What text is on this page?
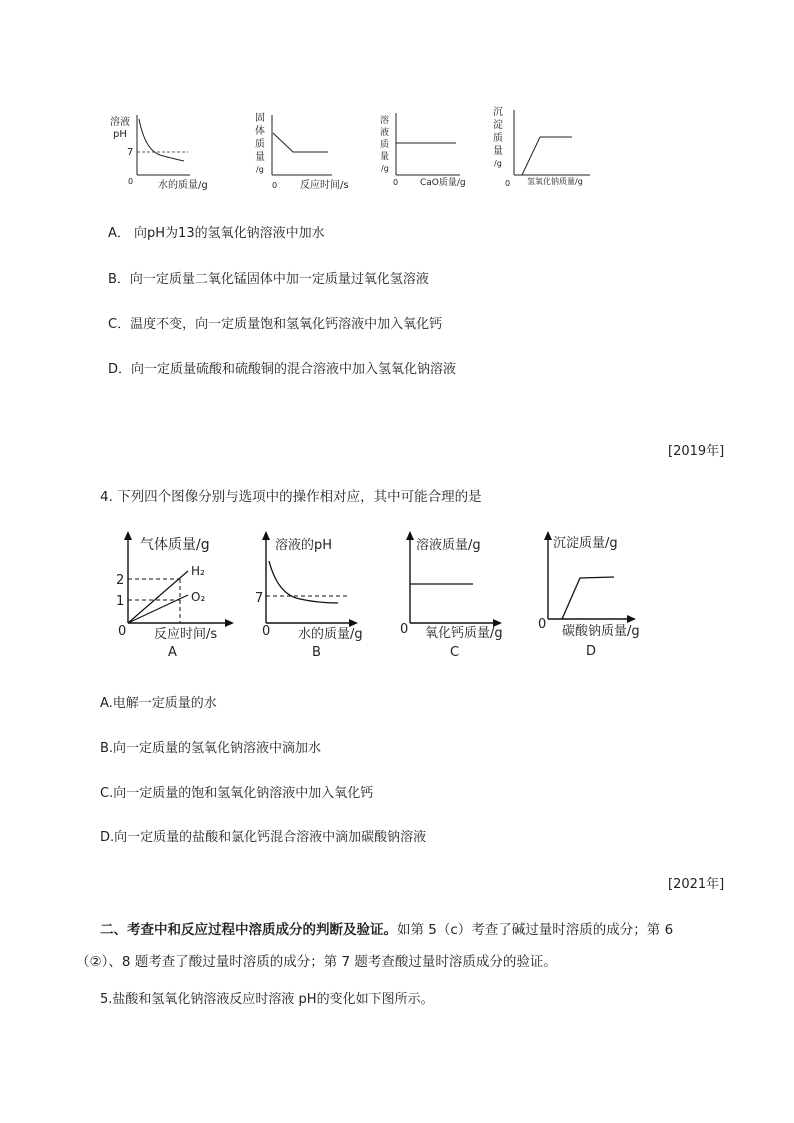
溶液
pH
7
0 水的质量/g
固
体
质
量
/g
0 反应时间/s
溶
液
质
量
/g
0 CaO质量/g
沉
淀
质
量
/g
0 氢氧化钠质量/g
A． 向pH为13的氢氧化钠溶液中加水
B．向一定质量二氧化锰固体中加一定质量过氧化氢溶液
C．温度不变，向一定质量饱和氢氧化钙溶液中加入氧化钙
D．向一定质量硫酸和硫酸铜的混合溶液中加入氢氧化钠溶液
[2019年]
4. 下列四个图像分别与选项中的操作相对应，其中可能合理的是
气体质量/g
2
1
H₂
O₂
0 反应时间/s
A
溶液的pH
7
0 水的质量/g
B
溶液质量/g
0 氧化钙质量/g
C
沉淀质量/g
0 碳酸钠质量/g
D
A.电解一定质量的水
B.向一定质量的氢氧化钠溶液中滴加水
C.向一定质量的饱和氢氧化钠溶液中加入氧化钙
D.向一定质量的盐酸和氯化钙混合溶液中滴加碳酸钠溶液
[2021年]
二、考查中和反应过程中溶质成分的判断及验证。如第 5（c）考查了碱过量时溶质的成分；第 6
（②）、8 题考查了酸过量时溶质的成分；第 7 题考查酸过量时溶质成分的验证。
5.盐酸和氢氧化钠溶液反应时溶液 pH的变化如下图所示。
